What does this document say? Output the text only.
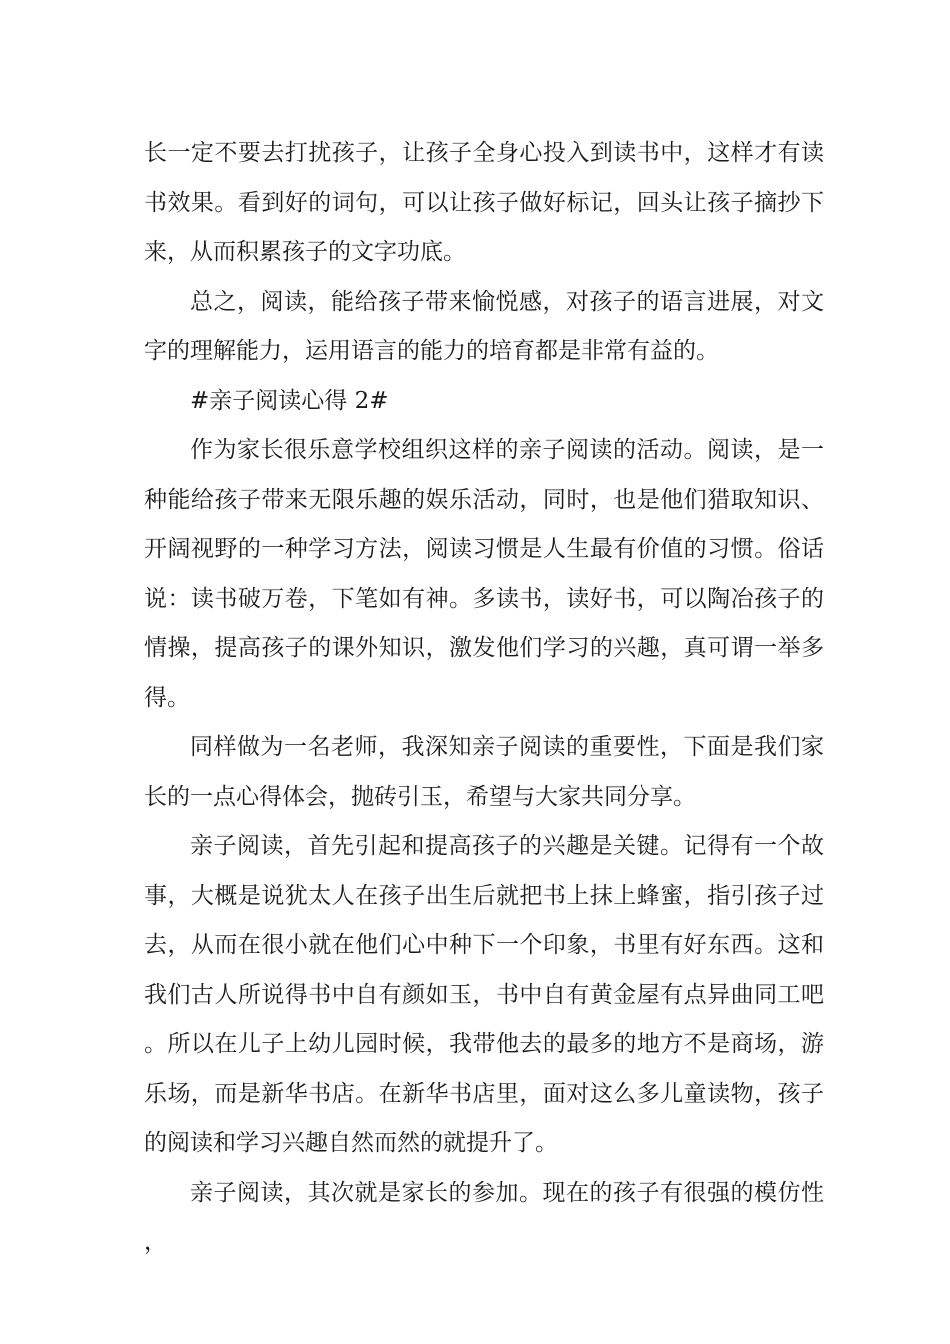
长一定不要去打扰孩子，让孩子全身心投入到读书中，这样才有读书效果。看到好的词句，可以让孩子做好标记，回头让孩子摘抄下来，从而积累孩子的文字功底。

总之，阅读，能给孩子带来愉悦感，对孩子的语言进展，对文字的理解能力，运用语言的能力的培育都是非常有益的。

#亲子阅读心得 2#

作为家长很乐意学校组织这样的亲子阅读的活动。阅读，是一种能给孩子带来无限乐趣的娱乐活动，同时，也是他们猎取知识、开阔视野的一种学习方法，阅读习惯是人生最有价值的习惯。俗话说：读书破万卷，下笔如有神。多读书，读好书，可以陶冶孩子的情操，提高孩子的课外知识，激发他们学习的兴趣，真可谓一举多得。

同样做为一名老师，我深知亲子阅读的重要性，下面是我们家长的一点心得体会，抛砖引玉，希望与大家共同分享。

亲子阅读，首先引起和提高孩子的兴趣是关键。记得有一个故事，大概是说犹太人在孩子出生后就把书上抹上蜂蜜，指引孩子过去，从而在很小就在他们心中种下一个印象，书里有好东西。这和我们古人所说得书中自有颜如玉，书中自有黄金屋有点异曲同工吧。所以在儿子上幼儿园时候，我带他去的最多的地方不是商场，游乐场，而是新华书店。在新华书店里，面对这么多儿童读物，孩子的阅读和学习兴趣自然而然的就提升了。

亲子阅读，其次就是家长的参加。现在的孩子有很强的模仿性，
